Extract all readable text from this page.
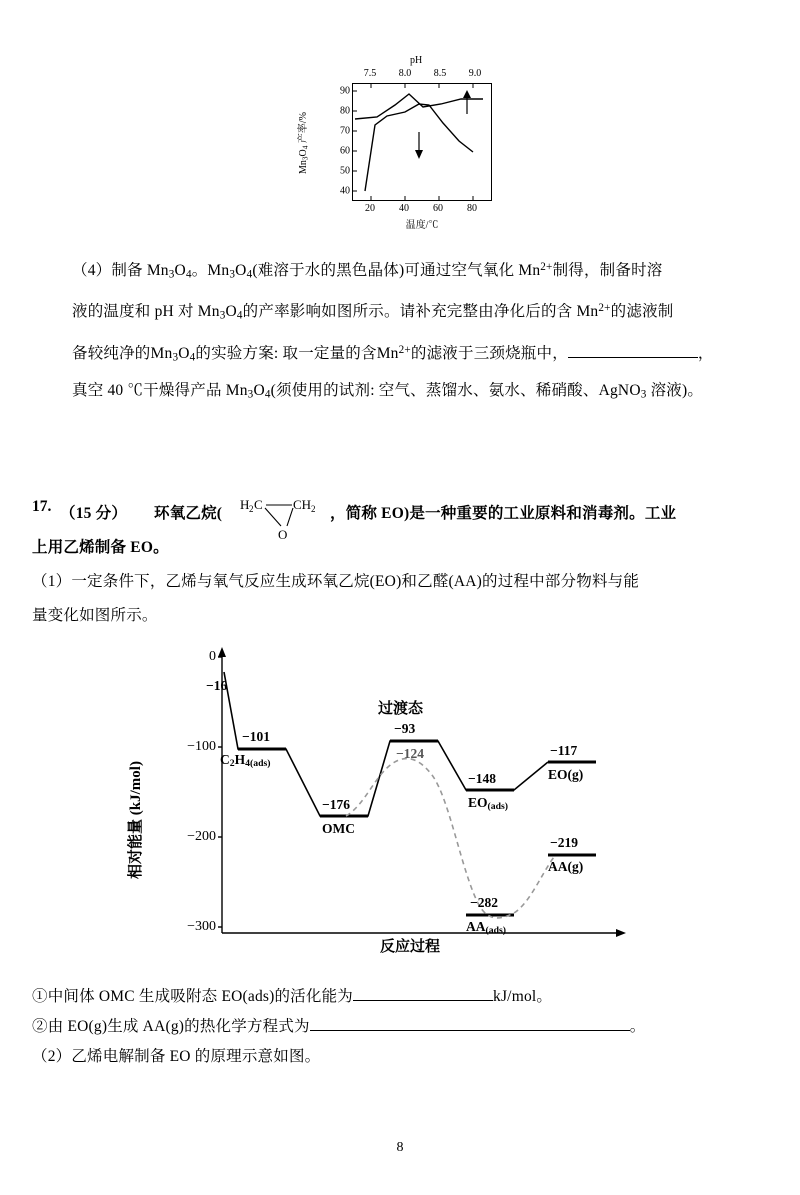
pH
7.5 8.0 8.5 9.0
$Mn_3O_4$ 产率/%
90
80
70
60
50
40
20 40 60 80
温度/℃
（4）制备 $Mn_3O_4$。$Mn_3O_4$(难溶于水的黑色晶体)可通过空气氧化 $Mn^{2+}$制得，制备时溶
液的温度和 pH 对 $Mn_3O_4$的产率影响如图所示。请补充完整由净化后的含 $Mn^{2+}$的滤液制
备较纯净的$Mn_3O_4$的实验方案: 取一定量的含$Mn^{2+}$的滤液于三颈烧瓶中，	，
真空 40 ℃干燥得产品 $Mn_3O_4$(须使用的试剂: 空气、蒸馏水、氨水、稀硝酸、AgNO$_3$ 溶液)。
17. （15 分） 环氧乙烷(
H 2 C CH 2
O
，简称 EO)是一种重要的工业原料和消毒剂。工业
上用乙烯制备 EO。
（1）一定条件下，乙烯与氧气反应生成环氧乙烷(EO)和乙醛(AA)的过程中部分物料与能
量变化如图所示。
相对能量 (kJ/mol)
0
−100
−200
−300
−16
−101
$C_2H_{4(ads)}$
−176
OMC
过渡态
−93
−124
−148
$EO_{(ads)}$
−117
EO(g)
−282
$AA_{(ads)}$
−219
AA(g)
反应过程
①中间体 OMC 生成吸附态 EO(ads)的活化能为	kJ/mol。
②由 EO(g)生成 AA(g)的热化学方程式为	。
（2）乙烯电解制备 EO 的原理示意如图。
8
